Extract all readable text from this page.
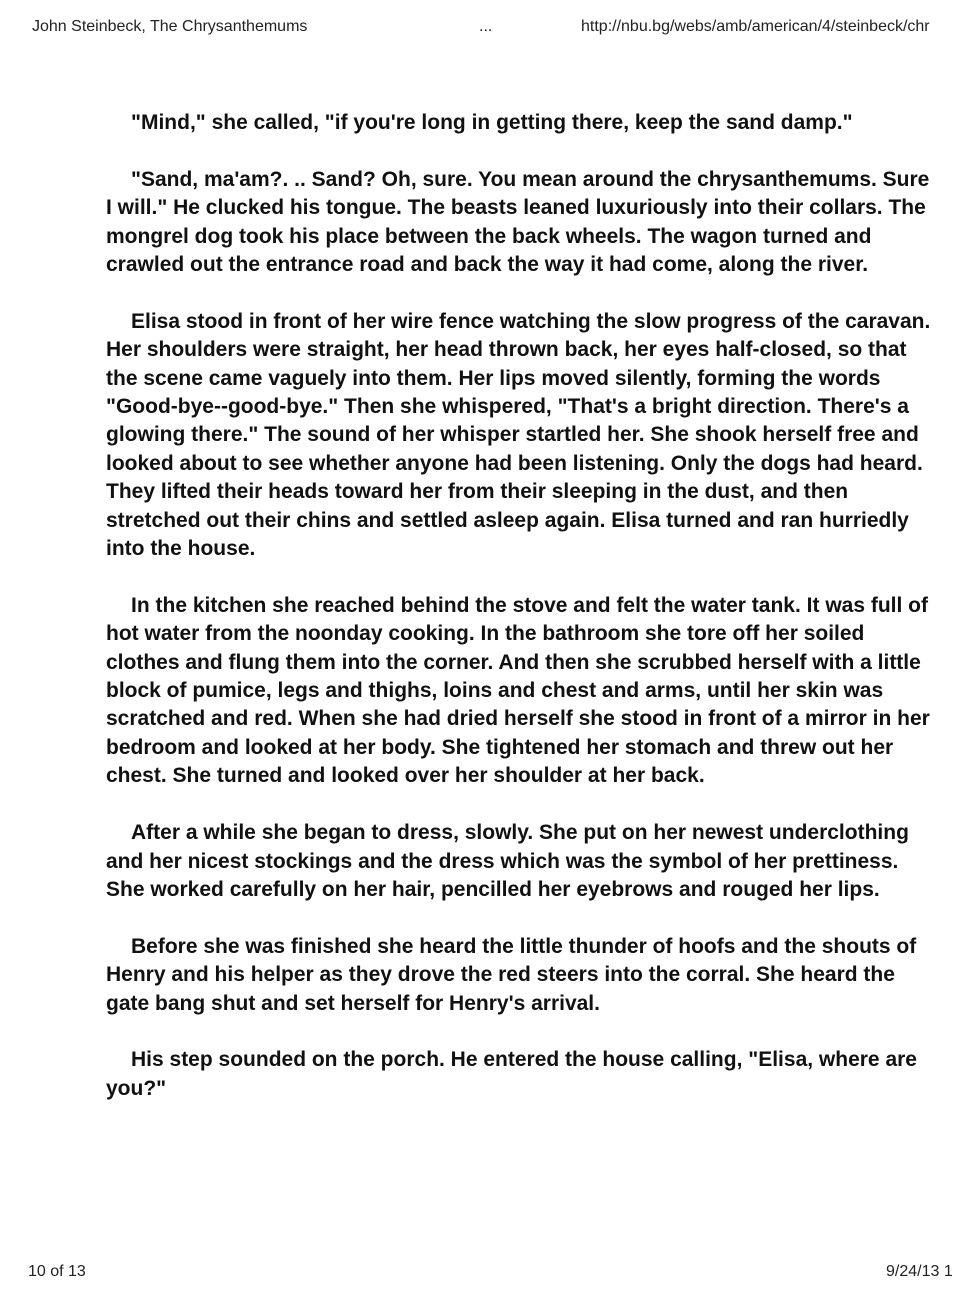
John Steinbeck, The Chrysanthemums	...	http://nbu.bg/webs/amb/american/4/steinbeck/chr

"Mind," she called, "if you're long in getting there, keep the sand damp."

"Sand, ma'am?. .. Sand? Oh, sure. You mean around the chrysanthemums. Sure I will." He clucked his tongue. The beasts leaned luxuriously into their collars. The mongrel dog took his place between the back wheels. The wagon turned and crawled out the entrance road and back the way it had come, along the river.

Elisa stood in front of her wire fence watching the slow progress of the caravan. Her shoulders were straight, her head thrown back, her eyes half-closed, so that the scene came vaguely into them. Her lips moved silently, forming the words "Good-bye--good-bye." Then she whispered, "That's a bright direction. There's a glowing there." The sound of her whisper startled her. She shook herself free and looked about to see whether anyone had been listening. Only the dogs had heard. They lifted their heads toward her from their sleeping in the dust, and then stretched out their chins and settled asleep again. Elisa turned and ran hurriedly into the house.

In the kitchen she reached behind the stove and felt the water tank. It was full of hot water from the noonday cooking. In the bathroom she tore off her soiled clothes and flung them into the corner. And then she scrubbed herself with a little block of pumice, legs and thighs, loins and chest and arms, until her skin was scratched and red. When she had dried herself she stood in front of a mirror in her bedroom and looked at her body. She tightened her stomach and threw out her chest. She turned and looked over her shoulder at her back.

After a while she began to dress, slowly. She put on her newest underclothing and her nicest stockings and the dress which was the symbol of her prettiness. She worked carefully on her hair, pencilled her eyebrows and rouged her lips.

Before she was finished she heard the little thunder of hoofs and the shouts of Henry and his helper as they drove the red steers into the corral. She heard the gate bang shut and set herself for Henry's arrival.

His step sounded on the porch. He entered the house calling, "Elisa, where are you?"

10 of 13	9/24/13 1
